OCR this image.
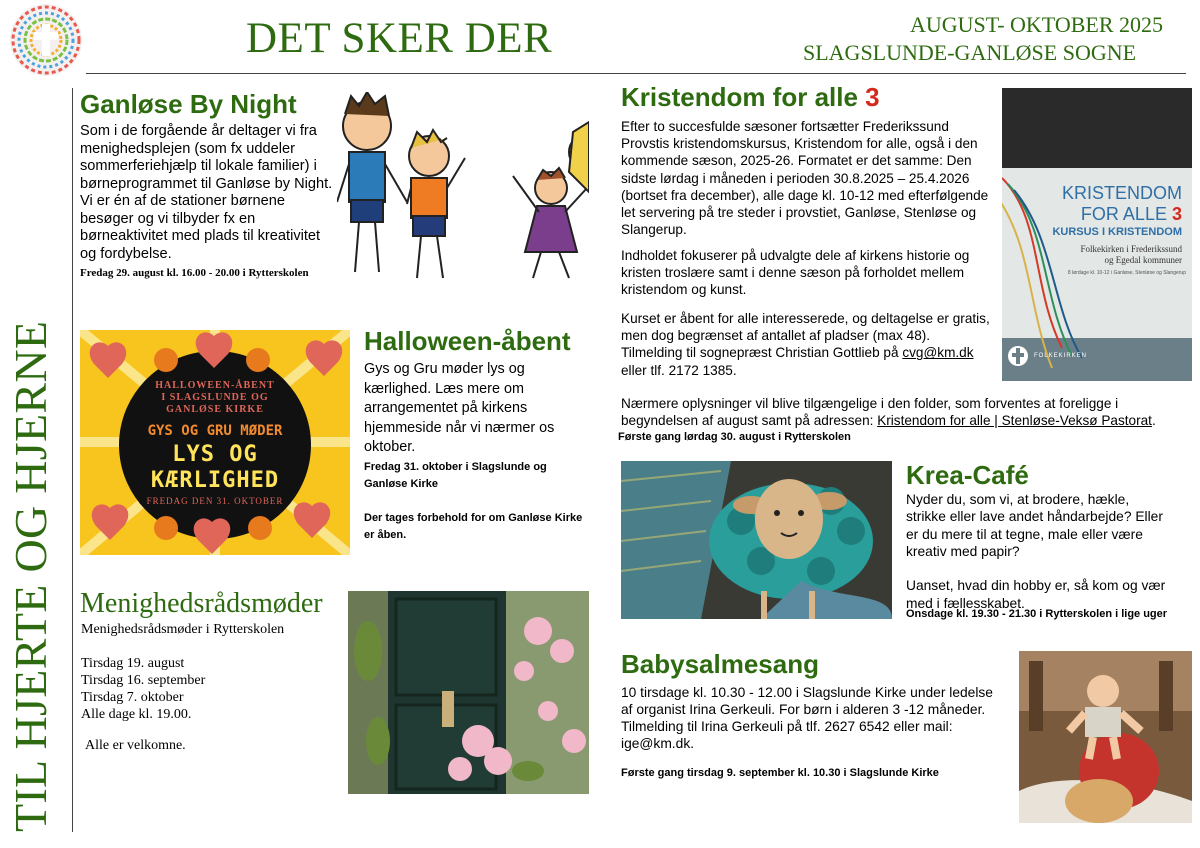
DET SKER DER	AUGUST- OKTOBER 2025
SLAGSLUNDE-GANLØSE SOGNE
TIL HJERTE OG HJERNE
Ganløse By Night
Som i de forgående år deltager vi fra menighedsplejen (som fx uddeler sommerferiehjælp til lokale familier) i børneprogrammet til Ganløse by Night. Vi er én af de stationer børnene besøger og vi tilbyder fx en børneaktivitet med plads til kreativitet og fordybelse.
Fredag 29. august kl. 16.00 - 20.00 i Rytterskolen
HALLOWEEN-ÅBENT
I SLAGSLUNDE OG
GANLØSE KIRKE
GYS OG GRU MØDER
LYS OG
KÆRLIGHED
FREDAG DEN 31. OKTOBER
Halloween-åbent
Gys og Gru møder lys og kærlighed. Læs mere om arrangementet på kirkens hjemmeside når vi nærmer os oktober.
Fredag 31. oktober i Slagslunde og Ganløse Kirke
Der tages forbehold for om Ganløse Kirke er åben.
Menighedsrådsmøder
Menighedsrådsmøder i Rytterskolen
Tirsdag 19. august
Tirsdag 16. september
Tirsdag 7. oktober
Alle dage kl. 19.00.
Alle er velkomne.
Kristendom for alle 3
Efter to succesfulde sæsoner fortsætter Frederikssund Provstis kristendomskursus, Kristendom for alle, også i den kommende sæson, 2025-26. Formatet er det samme: Den sidste lørdag i måneden i perioden 30.8.2025 – 25.4.2026 (bortset fra december), alle dage kl. 10-12 med efterfølgende let servering på tre steder i provstiet, Ganløse, Stenløse og Slangerup.
Indholdet fokuserer på udvalgte dele af kirkens historie og kristen troslære samt i denne sæson på forholdet mellem kristendom og kunst.
Kurset er åbent for alle interesserede, og deltagelse er gratis, men dog begrænset af antallet af pladser (max 48). Tilmelding til sognepræst Christian Gottlieb på cvg@km.dk eller tlf. 2172 1385.
Nærmere oplysninger vil blive tilgængelige i den folder, som forventes at foreligge i begyndelsen af august samt på adressen: Kristendom for alle | Stenløse-Veksø Pastorat.
Første gang lørdag 30. august i Rytterskolen
KRISTENDOM
FOR ALLE 3
KURSUS I KRISTENDOM
Folkekirken i Frederikssund
og Egedal kommuner
8 lørdage kl. 10-12 i Ganløse, Stenløse og Slangerup
FOLKEKIRKEN
Krea-Café
Nyder du, som vi, at brodere, hækle, strikke eller lave andet håndarbejde? Eller er du mere til at tegne, male eller være kreativ med papir?

Uanset, hvad din hobby er, så kom og vær med i fællesskabet.
Onsdage kl. 19.30 - 21.30 i Rytterskolen i lige uger
Babysalmesang
10 tirsdage kl. 10.30 - 12.00 i Slagslunde Kirke under ledelse af organist Irina Gerkeuli. For børn i alderen 3 -12 måneder. Tilmelding til Irina Gerkeuli på tlf. 2627 6542 eller mail: ige@km.dk.
Første gang tirsdag 9. september kl. 10.30 i Slagslunde Kirke
